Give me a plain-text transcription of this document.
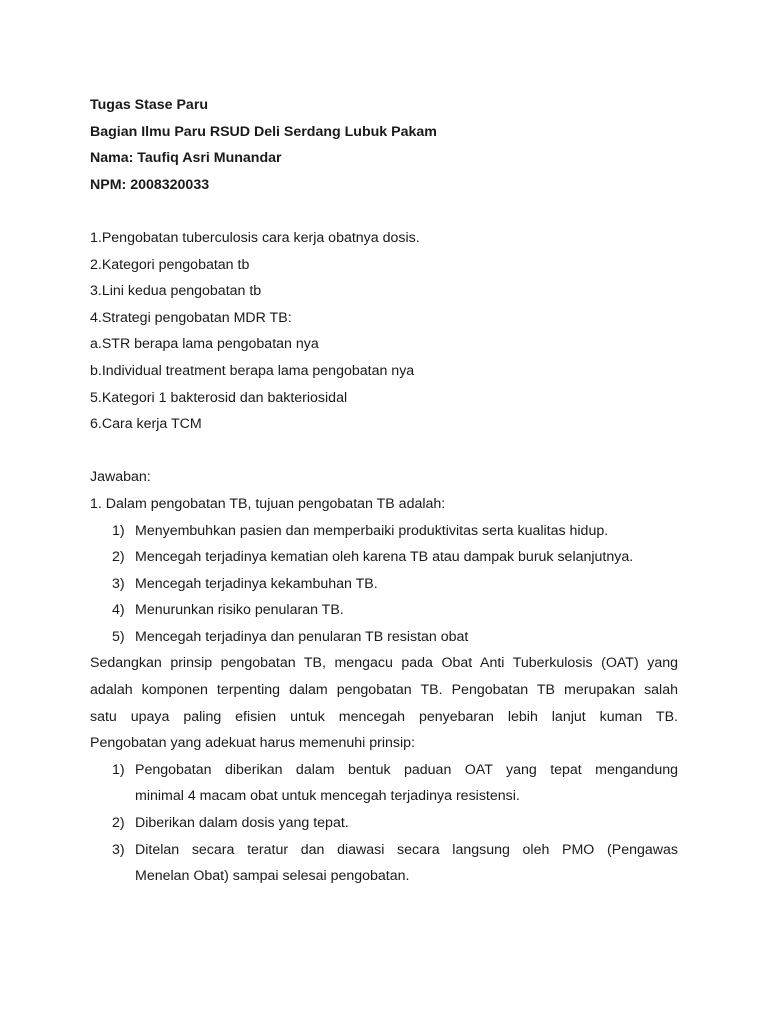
Tugas Stase Paru
Bagian Ilmu Paru RSUD Deli Serdang Lubuk Pakam
Nama: Taufiq Asri Munandar
NPM: 2008320033
1.Pengobatan tuberculosis cara kerja obatnya dosis.
2.Kategori pengobatan tb
3.Lini kedua pengobatan tb
4.Strategi pengobatan MDR TB:
a.STR berapa lama pengobatan nya
b.Individual treatment berapa lama pengobatan nya
5.Kategori 1 bakterosid dan bakteriosidal
6.Cara kerja TCM
Jawaban:
1. Dalam pengobatan TB, tujuan pengobatan TB adalah:
1) Menyembuhkan pasien dan memperbaiki produktivitas serta kualitas hidup.
2) Mencegah terjadinya kematian oleh karena TB atau dampak buruk selanjutnya.
3) Mencegah terjadinya kekambuhan TB.
4) Menurunkan risiko penularan TB.
5) Mencegah terjadinya dan penularan TB resistan obat
Sedangkan prinsip pengobatan TB, mengacu pada Obat Anti Tuberkulosis (OAT) yang
adalah komponen terpenting dalam pengobatan TB. Pengobatan TB merupakan salah
satu upaya paling efisien untuk mencegah penyebaran lebih lanjut kuman TB.
Pengobatan yang adekuat harus memenuhi prinsip:
1) Pengobatan diberikan dalam bentuk paduan OAT yang tepat mengandung
minimal 4 macam obat untuk mencegah terjadinya resistensi.
2) Diberikan dalam dosis yang tepat.
3) Ditelan secara teratur dan diawasi secara langsung oleh PMO (Pengawas
Menelan Obat) sampai selesai pengobatan.
